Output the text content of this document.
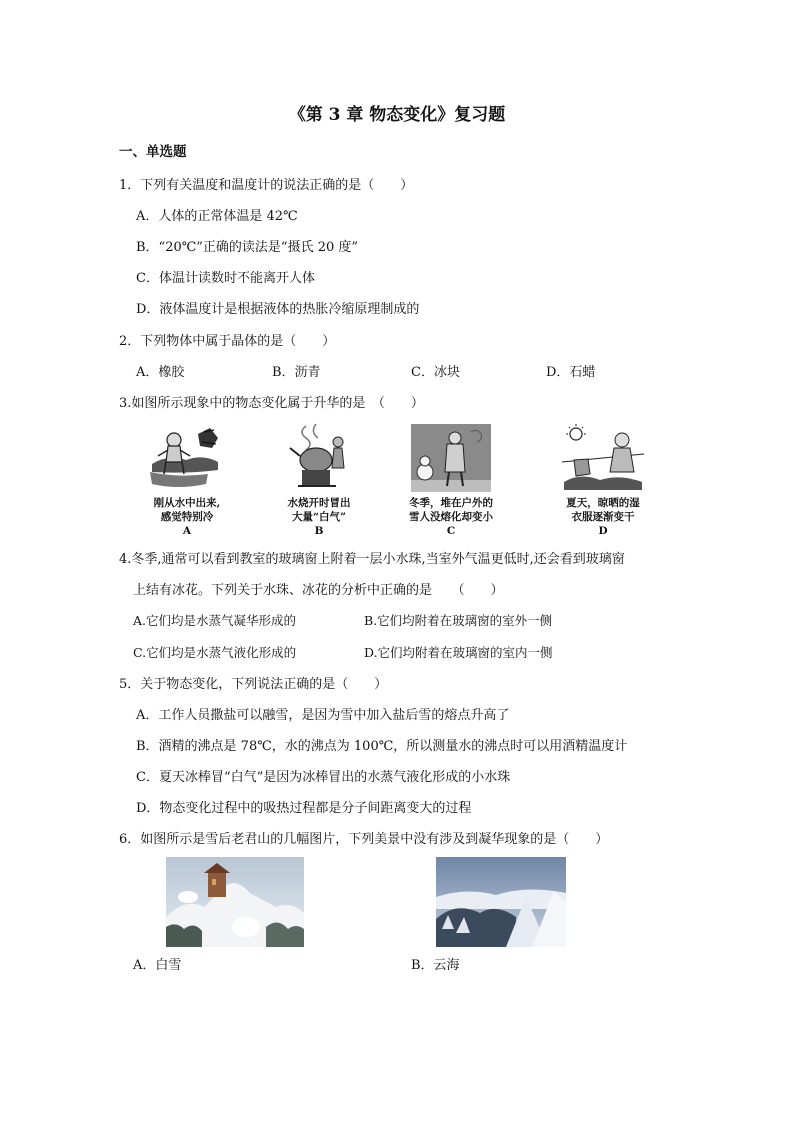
《第 3 章 物态变化》复习题
一、单选题
1．下列有关温度和温度计的说法正确的是（　　）
A．人体的正常体温是 42℃
B．“20℃”正确的读法是“摄氏 20 度”
C．体温计读数时不能离开人体
D．液体温度计是根据液体的热胀冷缩原理制成的
2．下列物体中属于晶体的是（　　）
A．橡胶	B．沥青	C．冰块	D．石蜡
3.如图所示现象中的物态变化属于升华的是　（　　）
刚从水中出来,
感觉特别冷
A
水烧开时冒出
大量“白气”
B
冬季，堆在户外的
雪人没熔化却变小
C
夏天，晾晒的湿
衣服逐渐变干
D
4.冬季,通常可以看到教室的玻璃窗上附着一层小水珠,当室外气温更低时,还会看到玻璃窗
上结有冰花。下列关于水珠、冰花的分析中正确的是　　（　　）
A.它们均是水蒸气凝华形成的	B.它们均附着在玻璃窗的室外一侧
C.它们均是水蒸气液化形成的	D.它们均附着在玻璃窗的室内一侧
5．关于物态变化，下列说法正确的是（　　）
A．工作人员撒盐可以融雪，是因为雪中加入盐后雪的熔点升高了
B．酒精的沸点是 78℃，水的沸点为 100℃，所以测量水的沸点时可以用酒精温度计
C．夏天冰棒冒“白气”是因为冰棒冒出的水蒸气液化形成的小水珠
D．物态变化过程中的吸热过程都是分子间距离变大的过程
6．如图所示是雪后老君山的几幅图片，下列美景中没有涉及到凝华现象的是（　　）
A．白雪	B．云海
